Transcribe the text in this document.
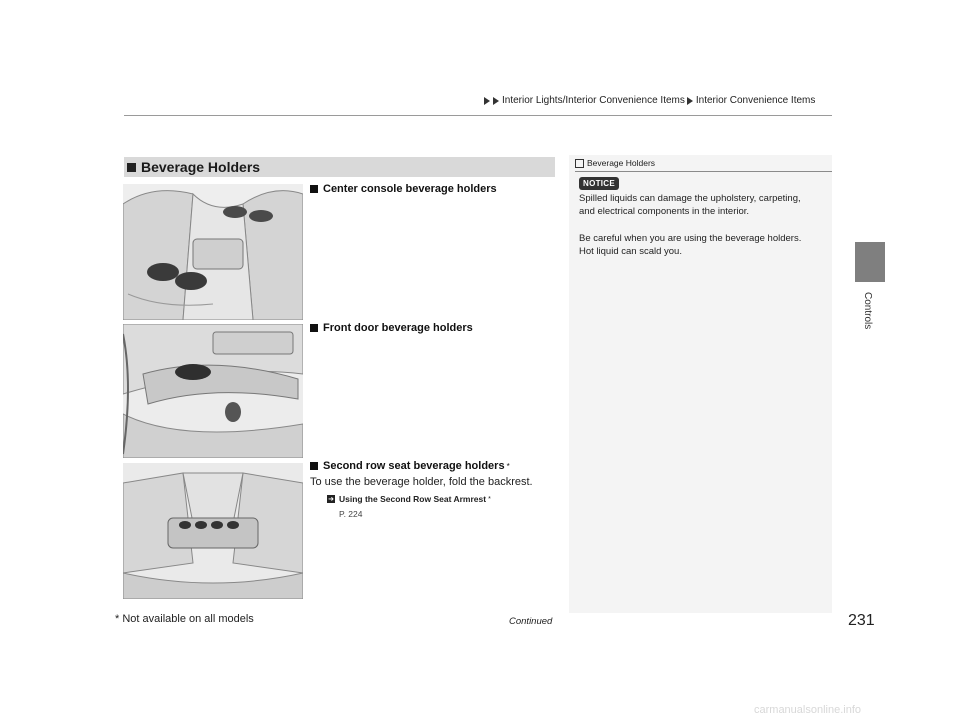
Interior Lights/Interior Convenience Items Interior Convenience Items
Beverage Holders
Center console beverage holders
Front door beverage holders
Second row seat beverage holders *
To use the beverage holder, fold the backrest.
➜ Using the Second Row Seat Armrest *
P. 224
Beverage Holders
NOTICE
Spilled liquids can damage the upholstery, carpeting,
and electrical components in the interior.
Be careful when you are using the beverage holders.
Hot liquid can scald you.
Controls
* Not available on all models	Continued	231
carmanualsonline.info
